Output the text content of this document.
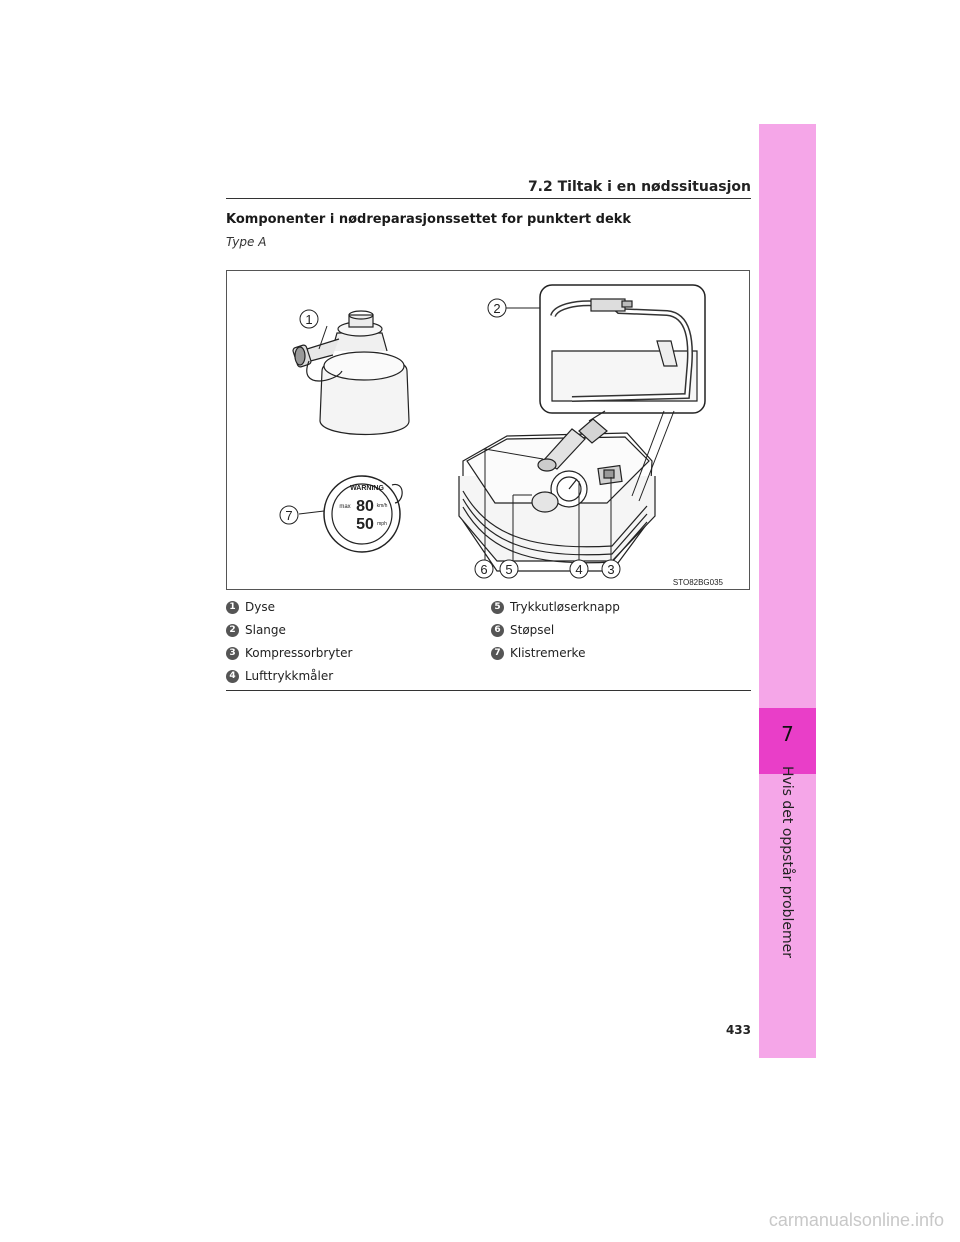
7
Hvis det oppstår problemer
7.2 Tiltak i en nødssituasjon
Komponenter i nødreparasjonssettet for punktert dekk
Type A
1
2
3
4
5
6
7
WARNING
max 80 km/h
50 mph
STO82BG035
1 Dyse
2 Slange
3 Kompressorbryter
4 Lufttrykkmåler
5 Trykkutløserknapp
6 Støpsel
7 Klistremerke
433
carmanualsonline.info
